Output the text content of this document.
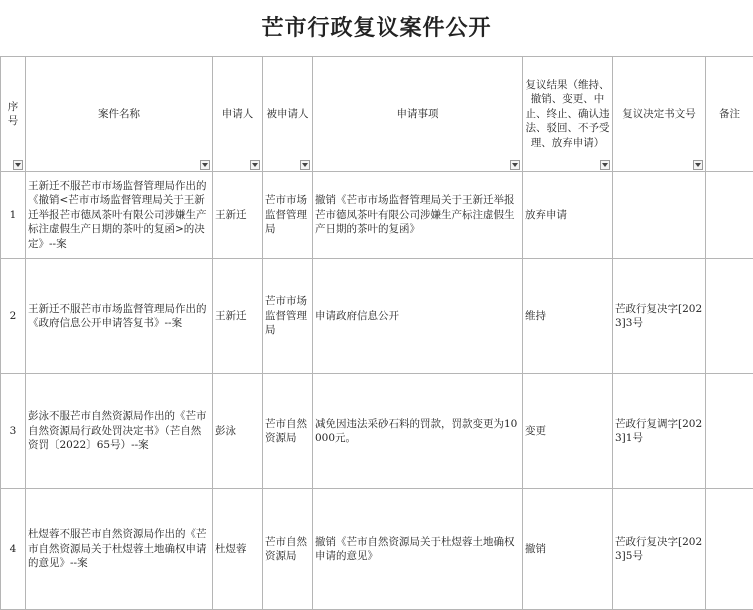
芒市行政复议案件公开
序号	案件名称	申请人	被申请人	申请事项	复议结果（维持、撤销、变更、中止、终止、确认违法、驳回、不予受理、放弃申请）	复议决定书文号	备注

1	王新迁不服芒市市场监督管理局作出的《撤销<芒市市场监督管理局关于王新迁举报芒市德凤茶叶有限公司涉嫌生产标注虚假生产日期的茶叶的复函>的决定》--案	王新迁	芒市市场监督管理局	撤销《芒市市场监督管理局关于王新迁举报芒市德凤茶叶有限公司涉嫌生产标注虚假生产日期的茶叶的复函》	放弃申请		
2	王新迁不服芒市市场监督管理局作出的《政府信息公开申请答复书》--案	王新迁	芒市市场监督管理局	申请政府信息公开	维持	芒政行复决字[2023]3号	
3	彭泳不服芒市自然资源局作出的《芒市自然资源局行政处罚决定书》（芒自然资罚〔2022〕65号）--案	彭泳	芒市自然资源局	减免因违法采砂石料的罚款，罚款变更为10000元。	变更	芒政行复调字[2023]1号	
4	杜煜蓉不服芒市自然资源局作出的《芒市自然资源局关于杜煜蓉土地确权申请的意见》--案	杜煜蓉	芒市自然资源局	撤销《芒市自然资源局关于杜煜蓉土地确权申请的意见》	撤销	芒政行复决字[2023]5号	
